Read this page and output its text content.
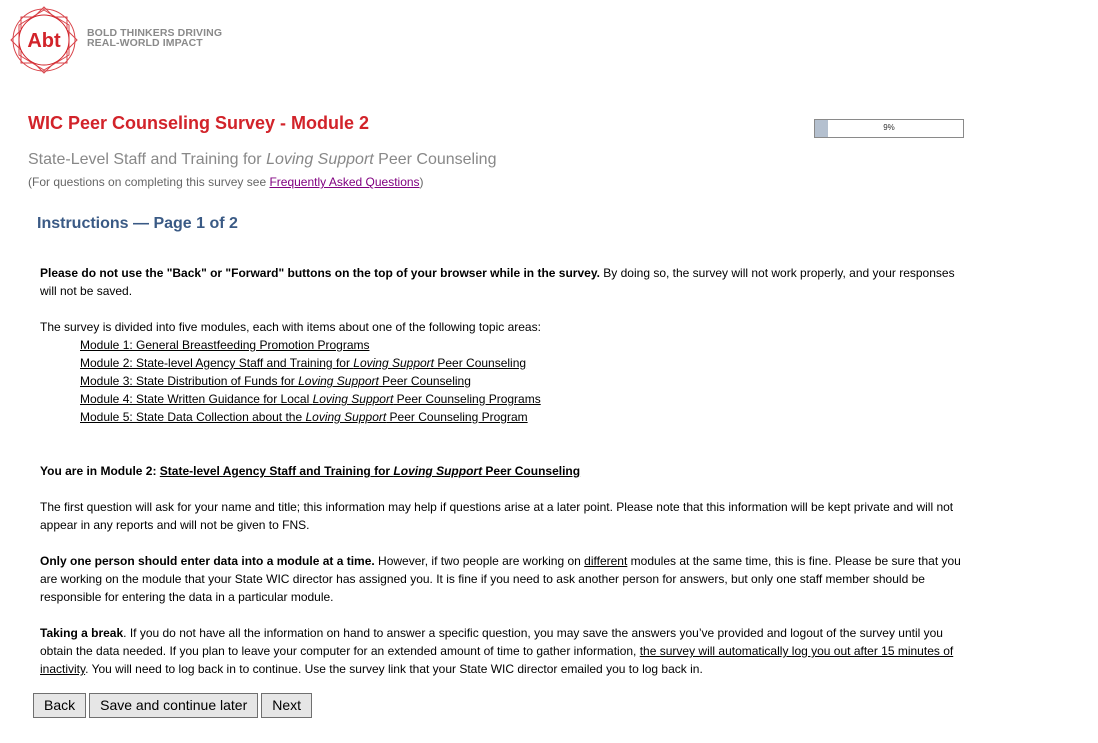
Abt	BOLD THINKERS DRIVING
REAL-WORLD IMPACT
WIC Peer Counseling Survey - Module 2	9%
State-Level Staff and Training for Loving Support Peer Counseling
(For questions on completing this survey see Frequently Asked Questions)
Instructions — Page 1 of 2

Please do not use the "Back" or "Forward" buttons on the top of your browser while in the survey. By doing so, the survey will not work properly, and your responses will not be saved.

The survey is divided into five modules, each with items about one of the following topic areas:

Module 1: General Breastfeeding Promotion Programs
Module 2: State-level Agency Staff and Training for Loving Support Peer Counseling
Module 3: State Distribution of Funds for Loving Support Peer Counseling
Module 4: State Written Guidance for Local Loving Support Peer Counseling Programs
Module 5: State Data Collection about the Loving Support Peer Counseling Program

You are in Module 2: State-level Agency Staff and Training for Loving Support Peer Counseling

The first question will ask for your name and title; this information may help if questions arise at a later point. Please note that this information will be kept private and will not appear in any reports and will not be given to FNS.

Only one person should enter data into a module at a time. However, if two people are working on different modules at the same time, this is fine. Please be sure that you are working on the module that your State WIC director has assigned you. It is fine if you need to ask another person for answers, but only one staff member should be responsible for entering the data in a particular module.

Taking a break. If you do not have all the information on hand to answer a specific question, you may save the answers you’ve provided and logout of the survey until you obtain the data needed. If you plan to leave your computer for an extended amount of time to gather information, the survey will automatically log you out after 15 minutes of inactivity. You will need to log back in to continue. Use the survey link that your State WIC director emailed you to log back in.

Back Save and continue later Next
